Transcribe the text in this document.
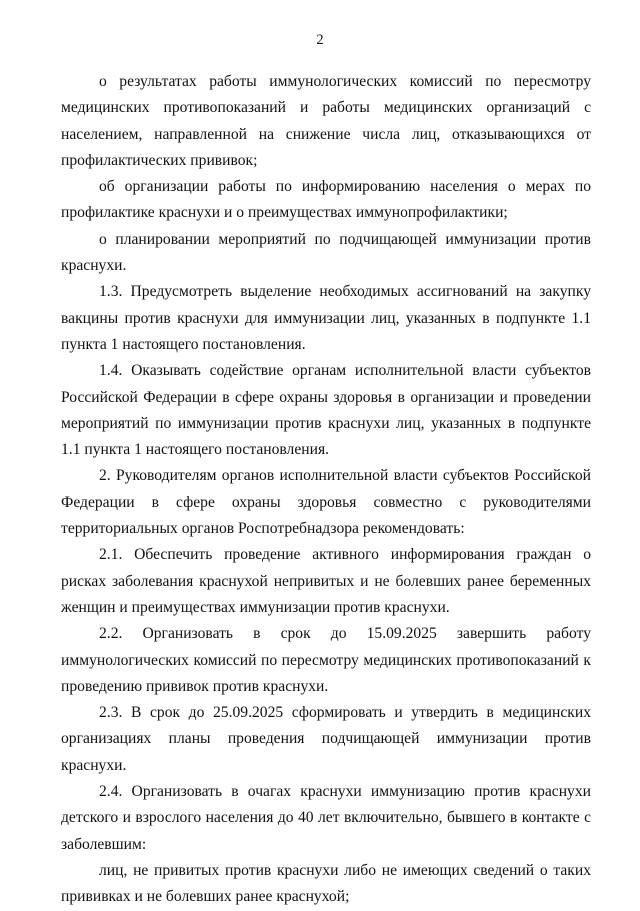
2

о результатах работы иммунологических комиссий по пересмотру медицинских противопоказаний и работы медицинских организаций с населением, направленной на снижение числа лиц, отказывающихся от профилактических прививок;

об организации работы по информированию населения о мерах по профилактике краснухи и о преимуществах иммунопрофилактики;

о планировании мероприятий по подчищающей иммунизации против краснухи.

1.3. Предусмотреть выделение необходимых ассигнований на закупку вакцины против краснухи для иммунизации лиц, указанных в подпункте 1.1 пункта 1 настоящего постановления.

1.4. Оказывать содействие органам исполнительной власти субъектов Российской Федерации в сфере охраны здоровья в организации и проведении мероприятий по иммунизации против краснухи лиц, указанных в подпункте 1.1 пункта 1 настоящего постановления.

2. Руководителям органов исполнительной власти субъектов Российской Федерации в сфере охраны здоровья совместно с руководителями территориальных органов Роспотребнадзора рекомендовать:

2.1. Обеспечить проведение активного информирования граждан о рисках заболевания краснухой непривитых и не болевших ранее беременных женщин и преимуществах иммунизации против краснухи.

2.2. Организовать в срок до 15.09.2025 завершить работу иммунологических комиссий по пересмотру медицинских противопоказаний к проведению прививок против краснухи.

2.3. В срок до 25.09.2025 сформировать и утвердить в медицинских организациях планы проведения подчищающей иммунизации против краснухи.

2.4. Организовать в очагах краснухи иммунизацию против краснухи детского и взрослого населения до 40 лет включительно, бывшего в контакте с заболевшим:

лиц, не привитых против краснухи либо не имеющих сведений о таких прививках и не болевших ранее краснухой;
